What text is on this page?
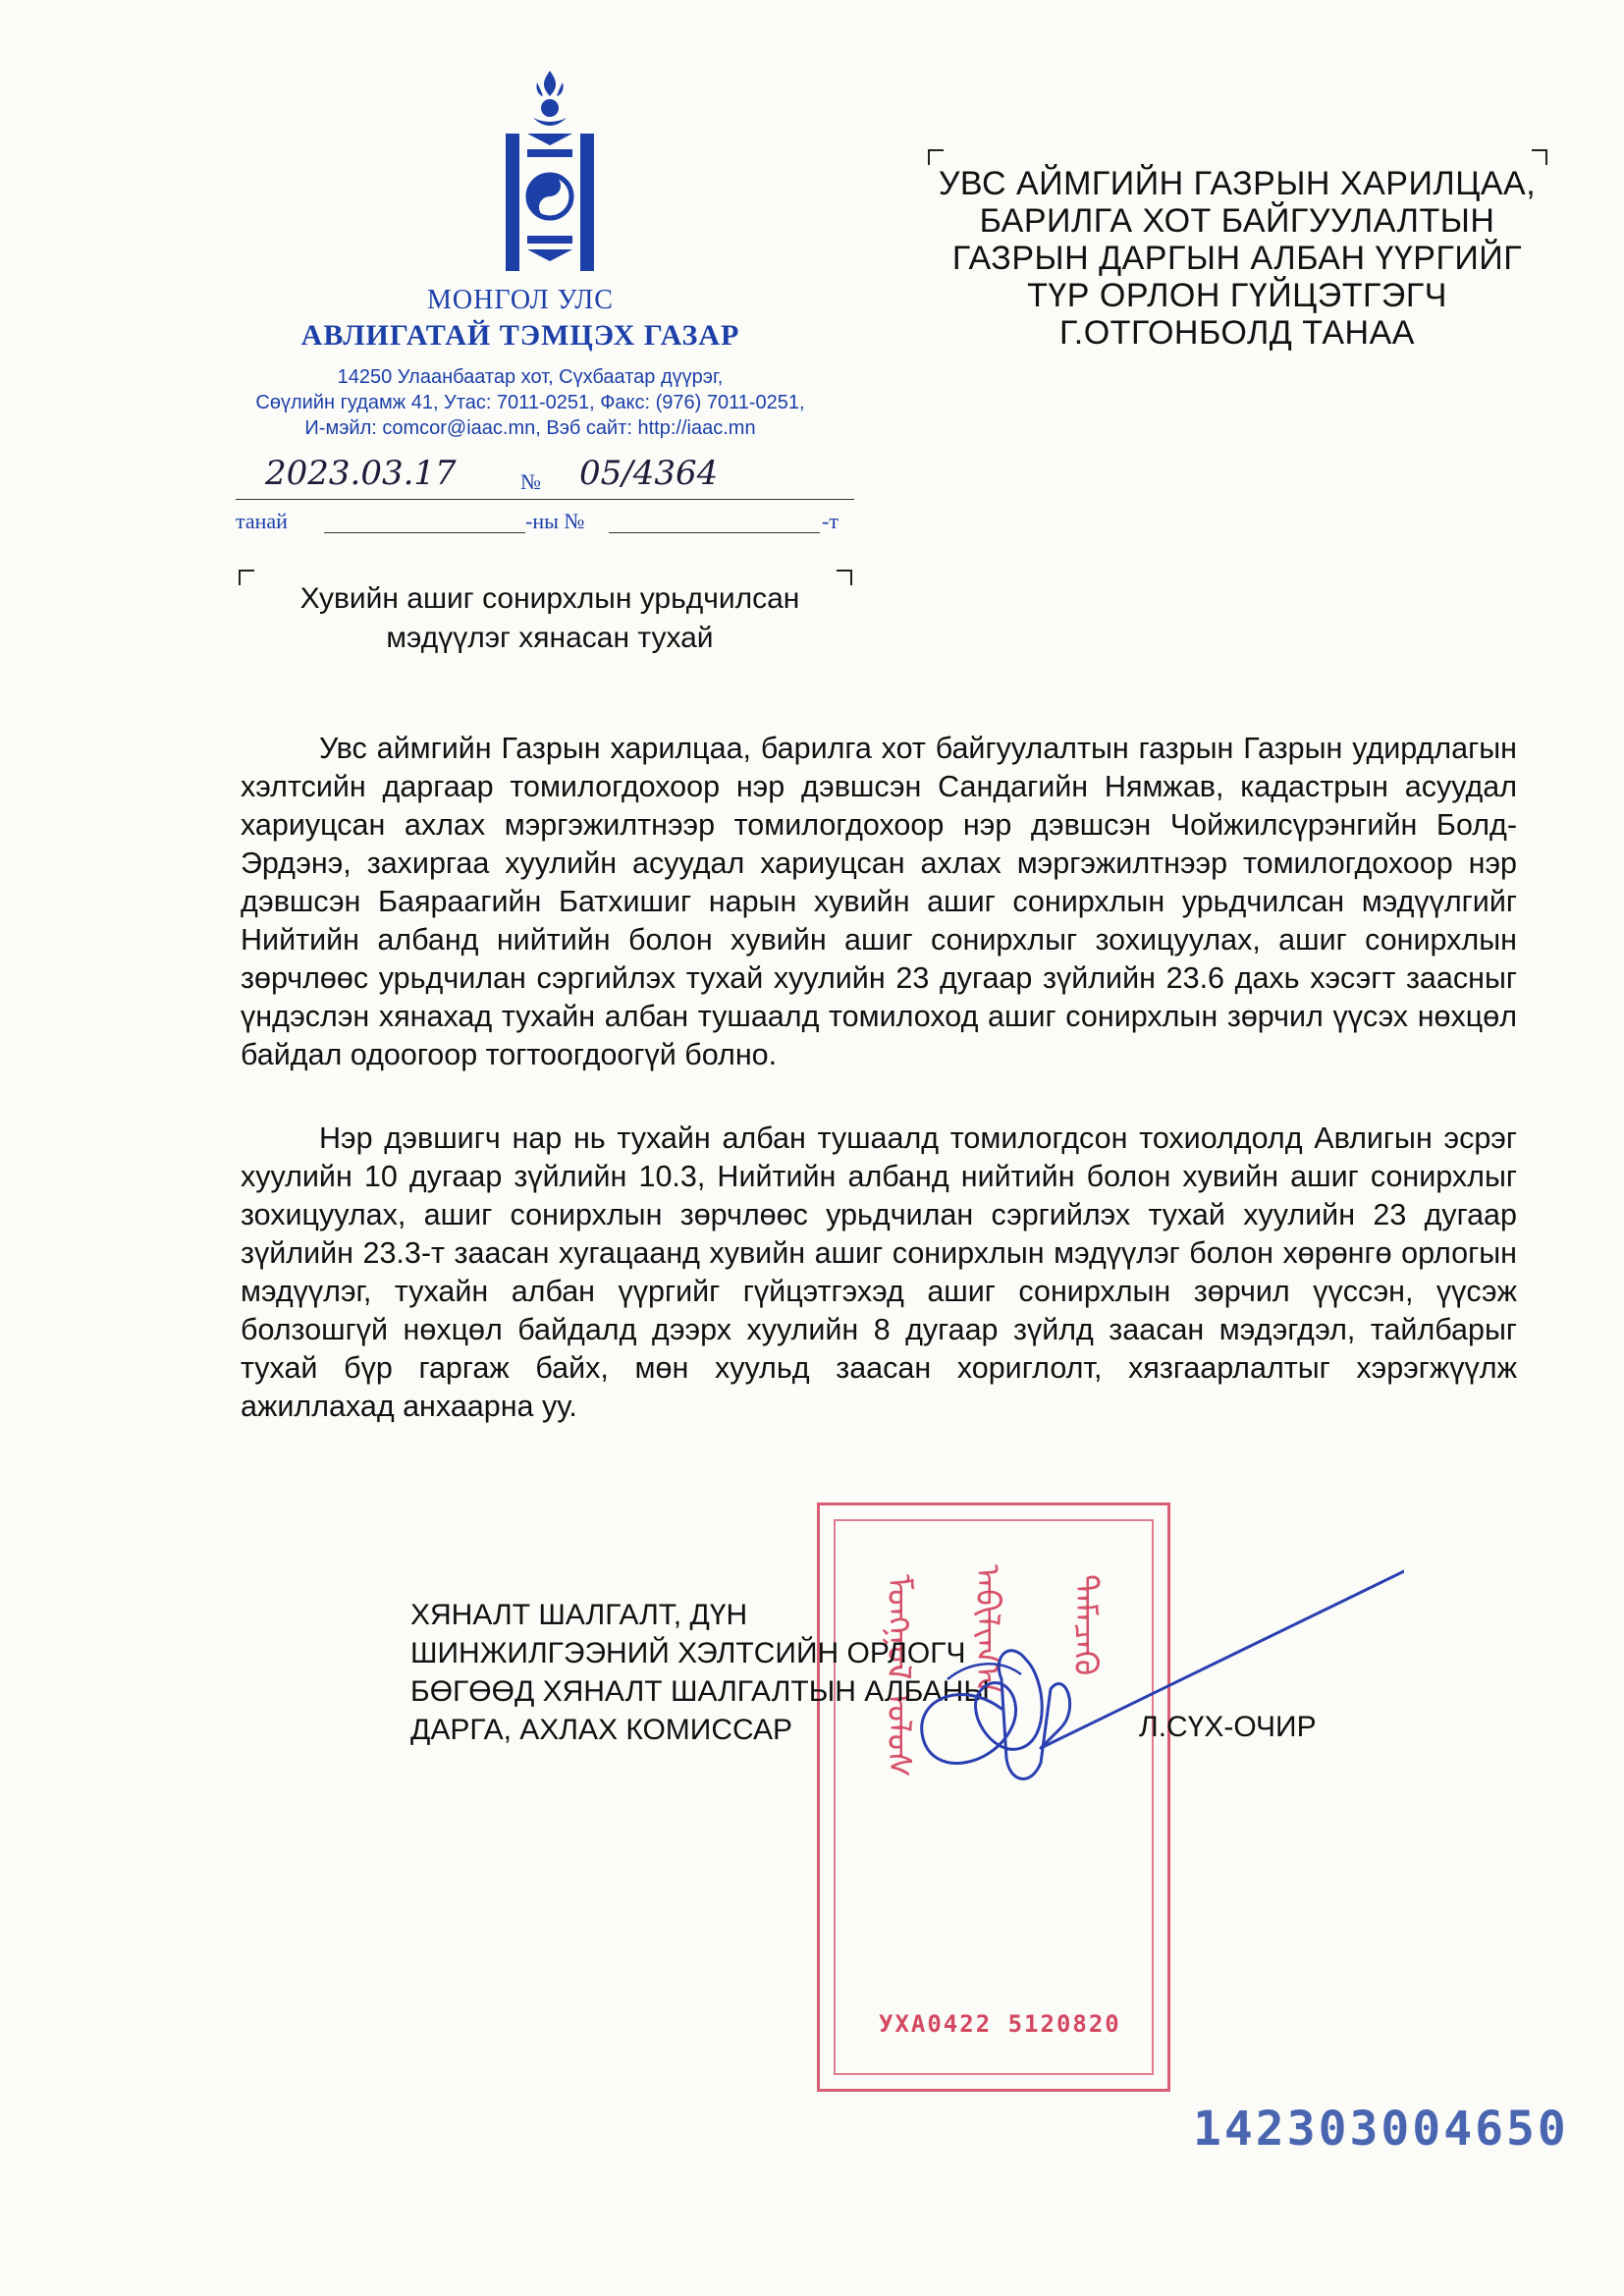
МОНГОЛ УЛС
АВЛИГАТАЙ ТЭМЦЭХ ГАЗАР
14250 Улаанбаатар хот, Сүхбаатар дүүрэг,
Сөүлийн гудамж 41, Утас: 7011-0251, Факс: (976) 7011-0251,
И-мэйл: comcor@iaac.mn, Вэб сайт: http://iaac.mn
2023.03.17	№ 05/4364
танай	-ны №	-т
УВС АЙМГИЙН ГАЗРЫН ХАРИЛЦАА,
БАРИЛГА ХОТ БАЙГУУЛАЛТЫН
ГАЗРЫН ДАРГЫН АЛБАН ҮҮРГИЙГ
ТҮР ОРЛОН ГҮЙЦЭТГЭГЧ
Г.ОТГОНБОЛД ТАНАА
Хувийн ашиг сонирхлын урьдчилсан
мэдүүлэг хянасан тухай
Увс аймгийн Газрын харилцаа, барилга хот байгуулалтын газрын Газрын удирдлагын хэлтсийн даргаар томилогдохоор нэр дэвшсэн Сандагийн Нямжав, кадастрын асуудал хариуцсан ахлах мэргэжилтнээр томилогдохоор нэр дэвшсэн Чойжилсүрэнгийн Болд-Эрдэнэ, захиргаа хуулийн асуудал хариуцсан ахлах мэргэжилтнээр томилогдохоор нэр дэвшсэн Баяраагийн Батхишиг нарын хувийн ашиг сонирхлын урьдчилсан мэдүүлгийг Нийтийн албанд нийтийн болон хувийн ашиг сонирхлыг зохицуулах, ашиг сонирхлын зөрчлөөс урьдчилан сэргийлэх тухай хуулийн 23 дугаар зүйлийн 23.6 дахь хэсэгт заасныг үндэслэн хянахад тухайн албан тушаалд томилоход ашиг сонирхлын зөрчил үүсэх нөхцөл байдал одоогоор тогтоогдоогүй болно.
Нэр дэвшигч нар нь тухайн албан тушаалд томилогдсон тохиолдолд Авлигын эсрэг хуулийн 10 дугаар зүйлийн 10.3, Нийтийн албанд нийтийн болон хувийн ашиг сонирхлыг зохицуулах, ашиг сонирхлын зөрчлөөс урьдчилан сэргийлэх тухай хуулийн 23 дугаар зүйлийн 23.3-т заасан хугацаанд хувийн ашиг сонирхлын мэдүүлэг болон хөрөнгө орлогын мэдүүлэг, тухайн албан үүргийг гүйцэтгэхэд ашиг сонирхлын зөрчил үүссэн, үүсэж болзошгүй нөхцөл байдалд дээрх хуулийн 8 дугаар зүйлд заасан мэдэгдэл, тайлбарыг тухай бүр гаргаж байх, мөн хуульд заасан хориглолт, хязгаарлалтыг хэрэгжүүлж ажиллахад анхаарна уу.
ᠮᠣᠩᠭᠣᠯ ᠤᠯᠤᠰ ᠠᠪᠢᠯᠢᠭ᠎ᠠ ᠲᠡᠮᠡᠴᠡᠬᠦ
УХА0422 5120820
ХЯНАЛТ ШАЛГАЛТ, ДҮН
ШИНЖИЛГЭЭНИЙ ХЭЛТСИЙН ОРЛОГЧ
БӨГӨӨД ХЯНАЛТ ШАЛГАЛТЫН АЛБАНЫ
ДАРГА, АХЛАХ КОМИССАР	Л.СҮХ-ОЧИР
142303004650
